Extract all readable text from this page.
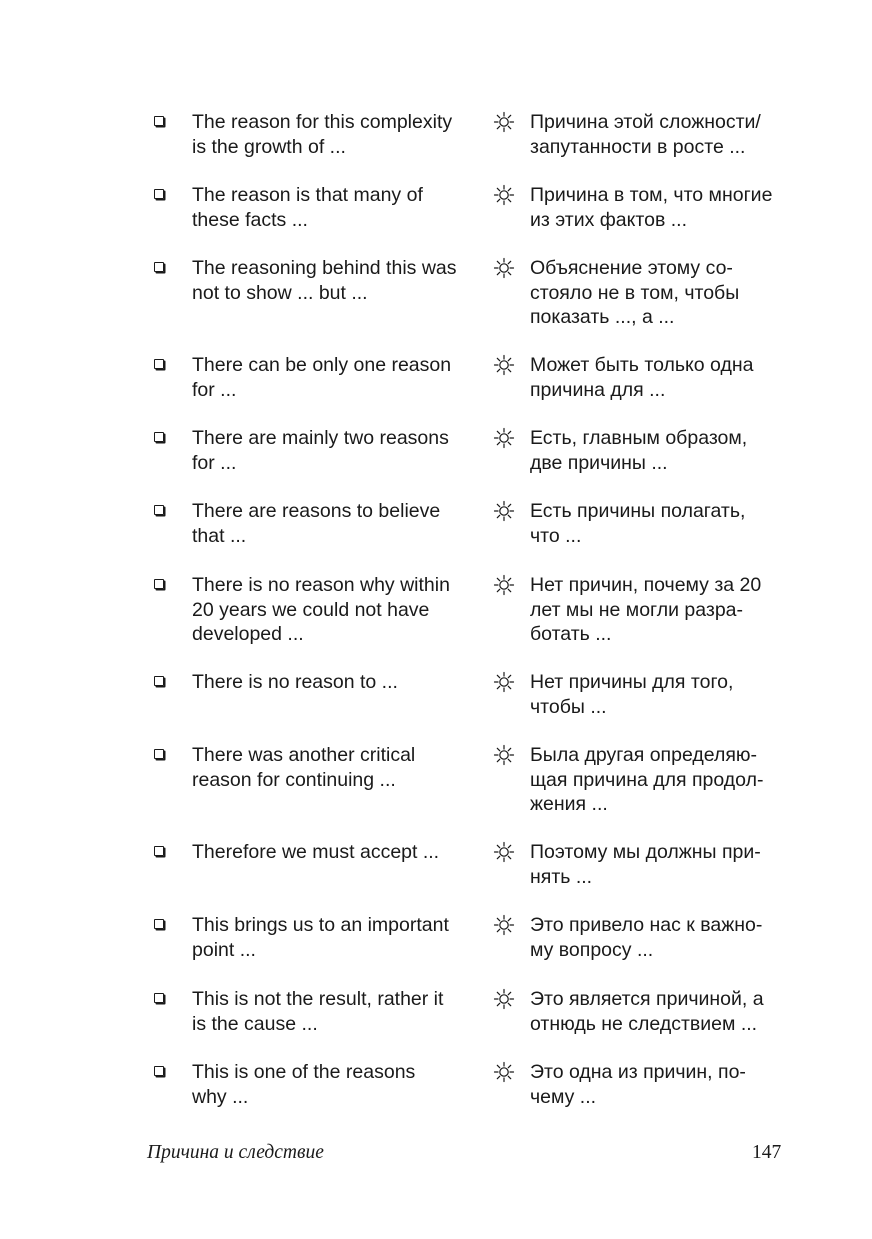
The reason for this complexity
is the growth of ...
Причина этой сложности/
запутанности в росте ...
The reason is that many of
these facts ...
Причина в том, что многие
из этих фактов ...
The reasoning behind this was
not to show ... but ...
Объяснение этому со-
стояло не в том, чтобы
показать ..., а ...
There can be only one reason
for ...
Может быть только одна
причина для ...
There are mainly two reasons
for ...
Есть, главным образом,
две причины ...
There are reasons to believe
that ...
Есть причины полагать,
что ...
There is no reason why within
20 years we could not have
developed ...
Нет причин, почему за 20
лет мы не могли разра-
ботать ...
There is no reason to ...	Нет причины для того,
чтобы ...
There was another critical
reason for continuing ...
Была другая определяю-
щая причина для продол-
жения ...
Therefore we must accept ...	Поэтому мы должны при-
нять ...
This brings us to an important
point ...
Это привело нас к важно-
му вопросу ...
This is not the result, rather it
is the cause ...
Это является причиной, а
отнюдь не следствием ...
This is one of the reasons
why ...
Это одна из причин, по-
чему ...
Причина и следствие	147
